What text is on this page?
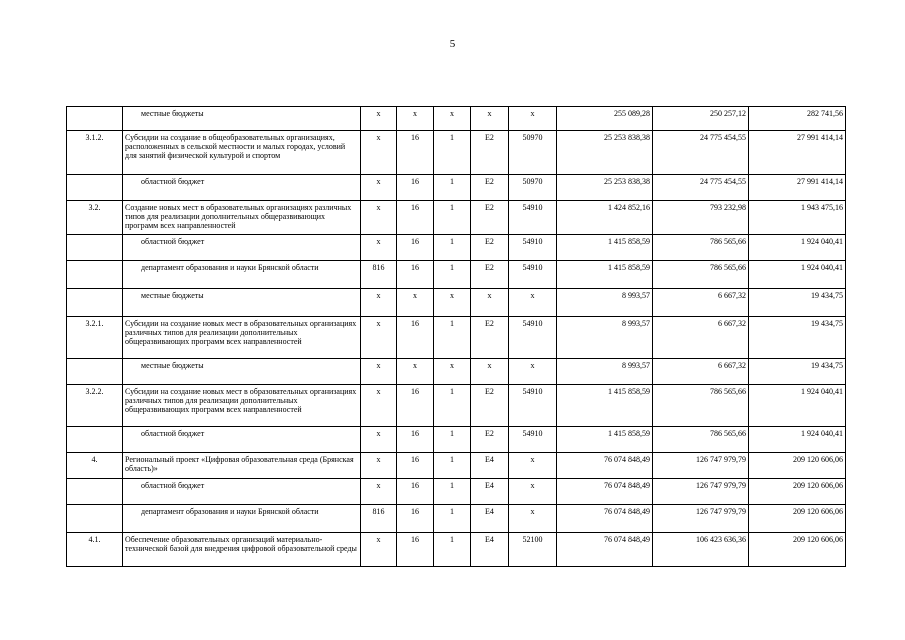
5
	местные бюджеты	х	х	х	х	х	255 089,28	250 257,12	282 741,56
3.1.2.	Субсидии на создание в общеобразовательных организациях, расположенных в сельской местности и малых городах, условий для занятий физической культурой и спортом	х	16	1	Е2	50970	25 253 838,38	24 775 454,55	27 991 414,14
	областной бюджет	х	16	1	Е2	50970	25 253 838,38	24 775 454,55	27 991 414,14
3.2.	Создание новых мест в образовательных организациях различных типов для реализации дополнительных общеразвивающих программ всех направленностей	х	16	1	Е2	54910	1 424 852,16	793 232,98	1 943 475,16
	областной бюджет	х	16	1	Е2	54910	1 415 858,59	786 565,66	1 924 040,41
	департамент образования и науки Брянской области	816	16	1	Е2	54910	1 415 858,59	786 565,66	1 924 040,41
	местные бюджеты	х	х	х	х	х	8 993,57	6 667,32	19 434,75
3.2.1.	Субсидии на создание новых мест в образовательных организациях различных типов для реализации дополнительных общеразвивающих программ всех направленностей	х	16	1	Е2	54910	8 993,57	6 667,32	19 434,75
	местные бюджеты	х	х	х	х	х	8 993,57	6 667,32	19 434,75
3.2.2.	Субсидии на создание новых мест в образовательных организациях различных типов для реализации дополнительных общеразвивающих программ всех направленностей	х	16	1	Е2	54910	1 415 858,59	786 565,66	1 924 040,41
	областной бюджет	х	16	1	Е2	54910	1 415 858,59	786 565,66	1 924 040,41
4.	Региональный проект «Цифровая образовательная среда (Брянская область)»	х	16	1	Е4	х	76 074 848,49	126 747 979,79	209 120 606,06
	областной бюджет	х	16	1	Е4	х	76 074 848,49	126 747 979,79	209 120 606,06
	департамент образования и науки Брянской области	816	16	1	Е4	х	76 074 848,49	126 747 979,79	209 120 606,06
4.1.	Обеспечение образовательных организаций материально-технической базой для внедрения цифровой образовательной среды	х	16	1	Е4	52100	76 074 848,49	106 423 636,36	209 120 606,06
